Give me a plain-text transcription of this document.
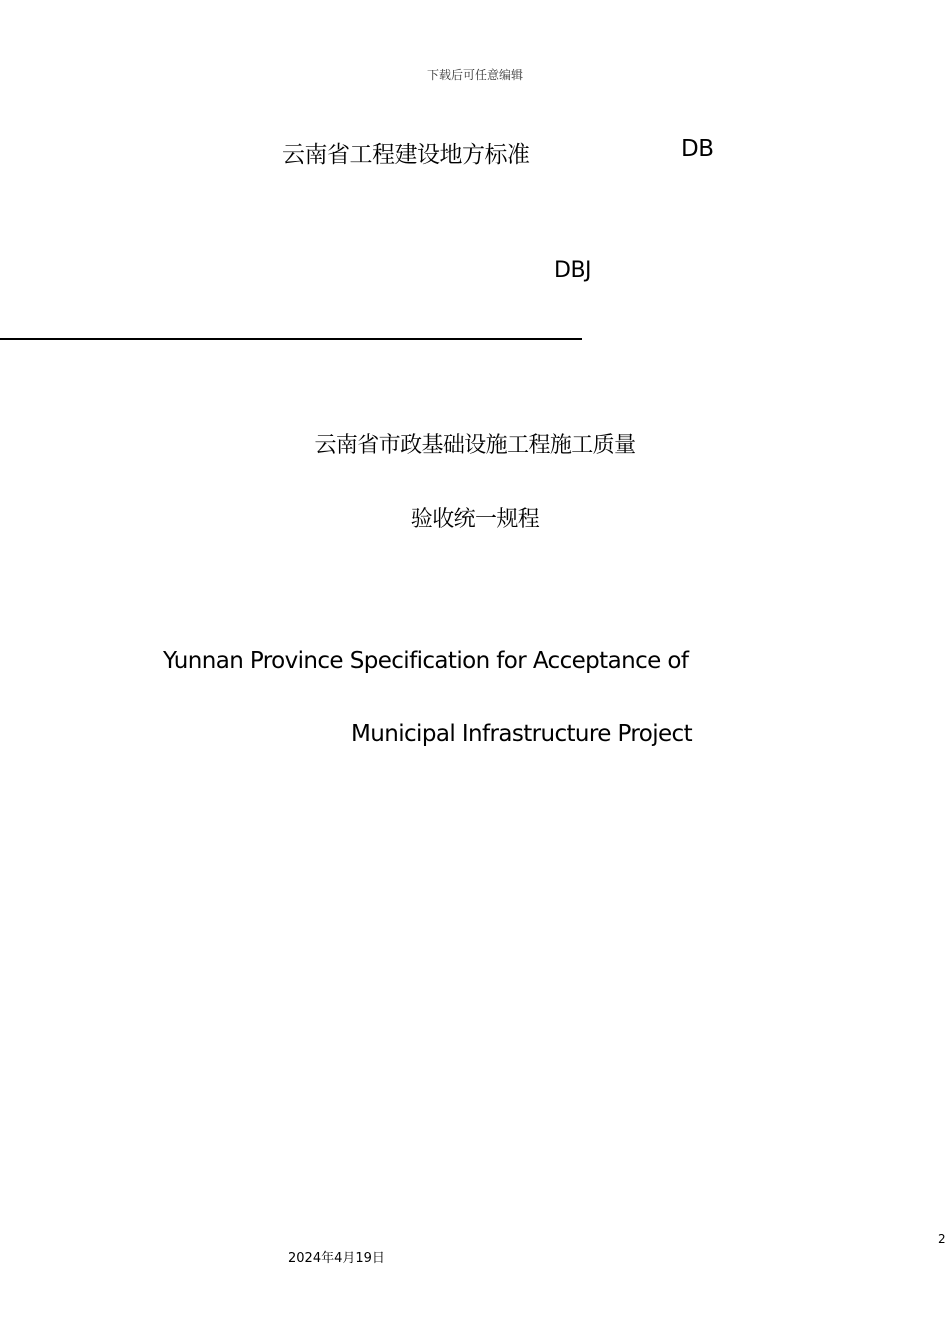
下载后可任意编辑
云南省工程建设地方标准	DB
DBJ
云南省市政基础设施工程施工质量
验收统一规程
Yunnan Province Specification for Acceptance of
Municipal Infrastructure Project
2
2024年4月19日
